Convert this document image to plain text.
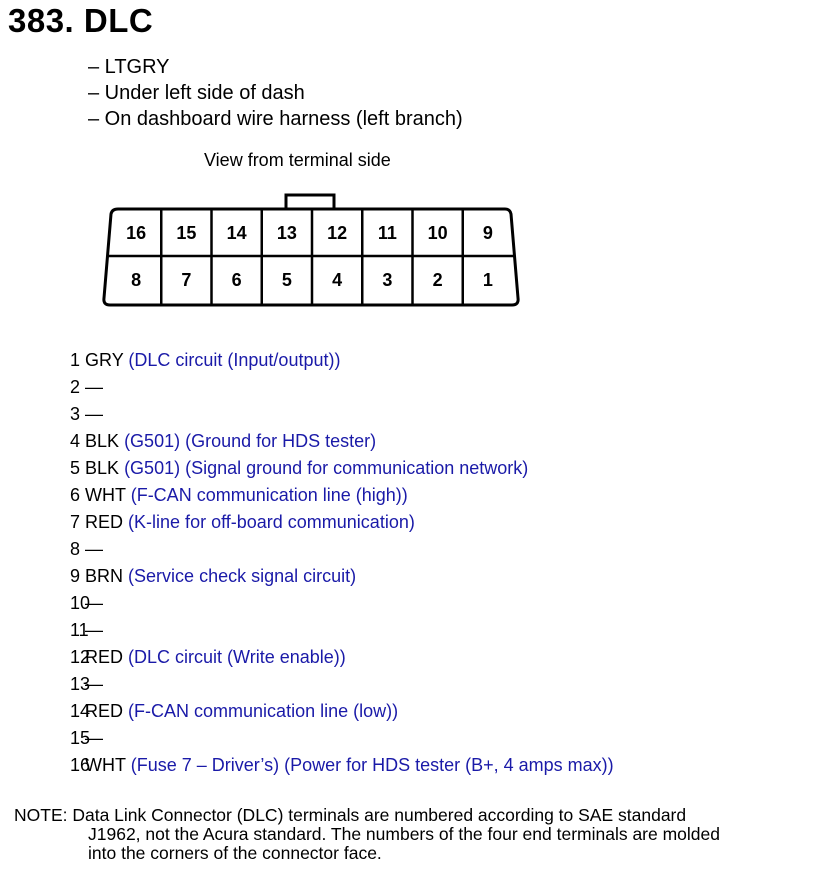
383. DLC
– LTGRY
– Under left side of dash
– On dashboard wire harness (left branch)
View from terminal side
16 15 14 13 12 11 10 9
8 7 6 5 4 3 2 1
1 GRY (DLC circuit (Input/output))
2 —
3 —
4 BLK (G501) (Ground for HDS tester)
5 BLK (G501) (Signal ground for communication network)
6 WHT (F-CAN communication line (high))
7 RED (K-line for off-board communication)
8 —
9 BRN (Service check signal circuit)
10 —
11 —
12 RED (DLC circuit (Write enable))
13 —
14 RED (F-CAN communication line (low))
15 —
16 WHT (Fuse 7 – Driver’s) (Power for HDS tester (B+, 4 amps max))
NOTE: Data Link Connector (DLC) terminals are numbered according to SAE standard
J1962, not the Acura standard. The numbers of the four end terminals are molded
into the corners of the connector face.
